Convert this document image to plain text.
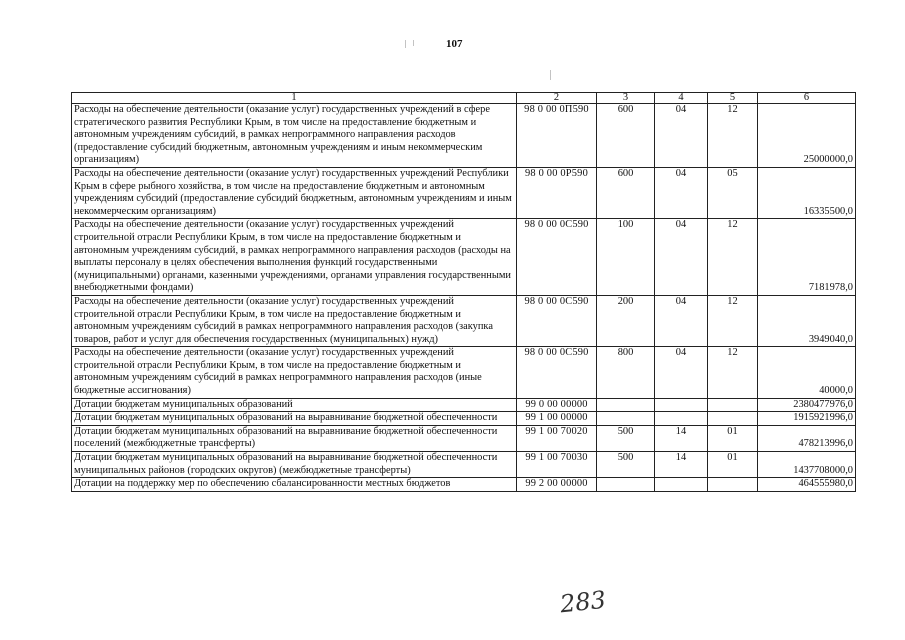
107
1	2	3	4	5	6
Расходы на обеспечение деятельности (оказание услуг) государственных учреждений в сфере стратегического развития Республики Крым, в том числе на предоставление бюджетным и автономным учреждениям субсидий, в рамках непрограммного направления расходов (предоставление субсидий бюджетным, автономным учреждениям и иным некоммерческим организациям)	98 0 00 0П590	600	04	12	25000000,0
Расходы на обеспечение деятельности (оказание услуг) государственных учреждений Республики Крым в сфере рыбного хозяйства, в том числе на предоставление бюджетным и автономным учреждениям субсидий (предоставление субсидий бюджетным, автономным учреждениям и иным некоммерческим организациям)	98 0 00 0Р590	600	04	05	16335500,0
Расходы на обеспечение деятельности (оказание услуг) государственных учреждений строительной отрасли Республики Крым, в том числе на предоставление бюджетным и автономным учреждениям субсидий, в рамках непрограммного направления расходов (расходы на выплаты персоналу в целях обеспечения выполнения функций государственными (муниципальными) органами, казенными учреждениями, органами управления государственными внебюджетными фондами)	98 0 00 0С590	100	04	12	7181978,0
Расходы на обеспечение деятельности (оказание услуг) государственных учреждений строительной отрасли Республики Крым, в том числе на предоставление бюджетным и автономным учреждениям субсидий в рамках непрограммного направления расходов (закупка товаров, работ и услуг для обеспечения государственных (муниципальных) нужд)	98 0 00 0С590	200	04	12	3949040,0
Расходы на обеспечение деятельности (оказание услуг) государственных учреждений строительной отрасли Республики Крым, в том числе на предоставление бюджетным и автономным учреждениям субсидий в рамках непрограммного направления расходов (иные бюджетные ассигнования)	98 0 00 0С590	800	04	12	40000,0
Дотации бюджетам муниципальных образований	99 0 00 00000				2380477976,0
Дотации бюджетам муниципальных образований на выравнивание бюджетной обеспеченности	99 1 00 00000				1915921996,0
Дотации бюджетам муниципальных образований на выравнивание бюджетной обеспеченности поселений (межбюджетные трансферты)	99 1 00 70020	500	14	01	478213996,0
Дотации бюджетам муниципальных образований на выравнивание бюджетной обеспеченности муниципальных районов (городских округов) (межбюджетные трансферты)	99 1 00 70030	500	14	01	1437708000,0
Дотации на поддержку мер по обеспечению сбалансированности местных бюджетов	99 2 00 00000				464555980,0
283
